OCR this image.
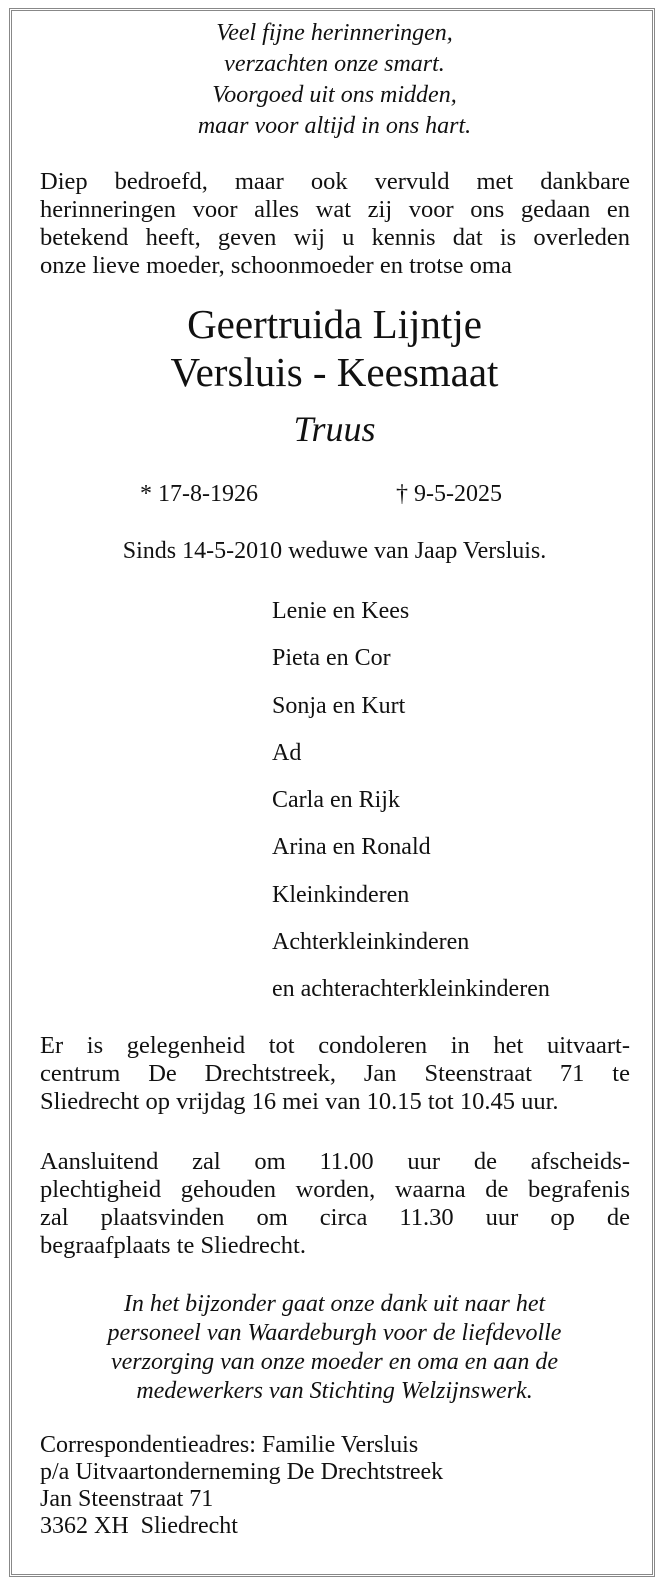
Veel fijne herinneringen,
verzachten onze smart.
Voorgoed uit ons midden,
maar voor altijd in ons hart.
Diep bedroefd, maar ook vervuld met dankbare
herinneringen voor alles wat zij voor ons gedaan en
betekend heeft, geven wij u kennis dat is overleden
onze lieve moeder, schoonmoeder en trotse oma
Geertruida Lijntje
Versluis - Keesmaat
Truus
* 17-8-1926	† 9-5-2025
Sinds 14-5-2010 weduwe van Jaap Versluis.
Lenie en Kees
Pieta en Cor
Sonja en Kurt
Ad
Carla en Rijk
Arina en Ronald
Kleinkinderen
Achterkleinkinderen
en achterachterkleinkinderen
Er is gelegenheid tot condoleren in het uitvaart-
centrum De Drechtstreek, Jan Steenstraat 71 te
Sliedrecht op vrijdag 16 mei van 10.15 tot 10.45 uur.
Aansluitend zal om 11.00 uur de afscheids-
plechtigheid gehouden worden, waarna de begrafenis
zal plaatsvinden om circa 11.30 uur op de
begraafplaats te Sliedrecht.
In het bijzonder gaat onze dank uit naar het
personeel van Waardeburgh voor de liefdevolle
verzorging van onze moeder en oma en aan de
medewerkers van Stichting Welzijnswerk.
Correspondentieadres: Familie Versluis
p/a Uitvaartonderneming De Drechtstreek
Jan Steenstraat 71
3362 XH  Sliedrecht
